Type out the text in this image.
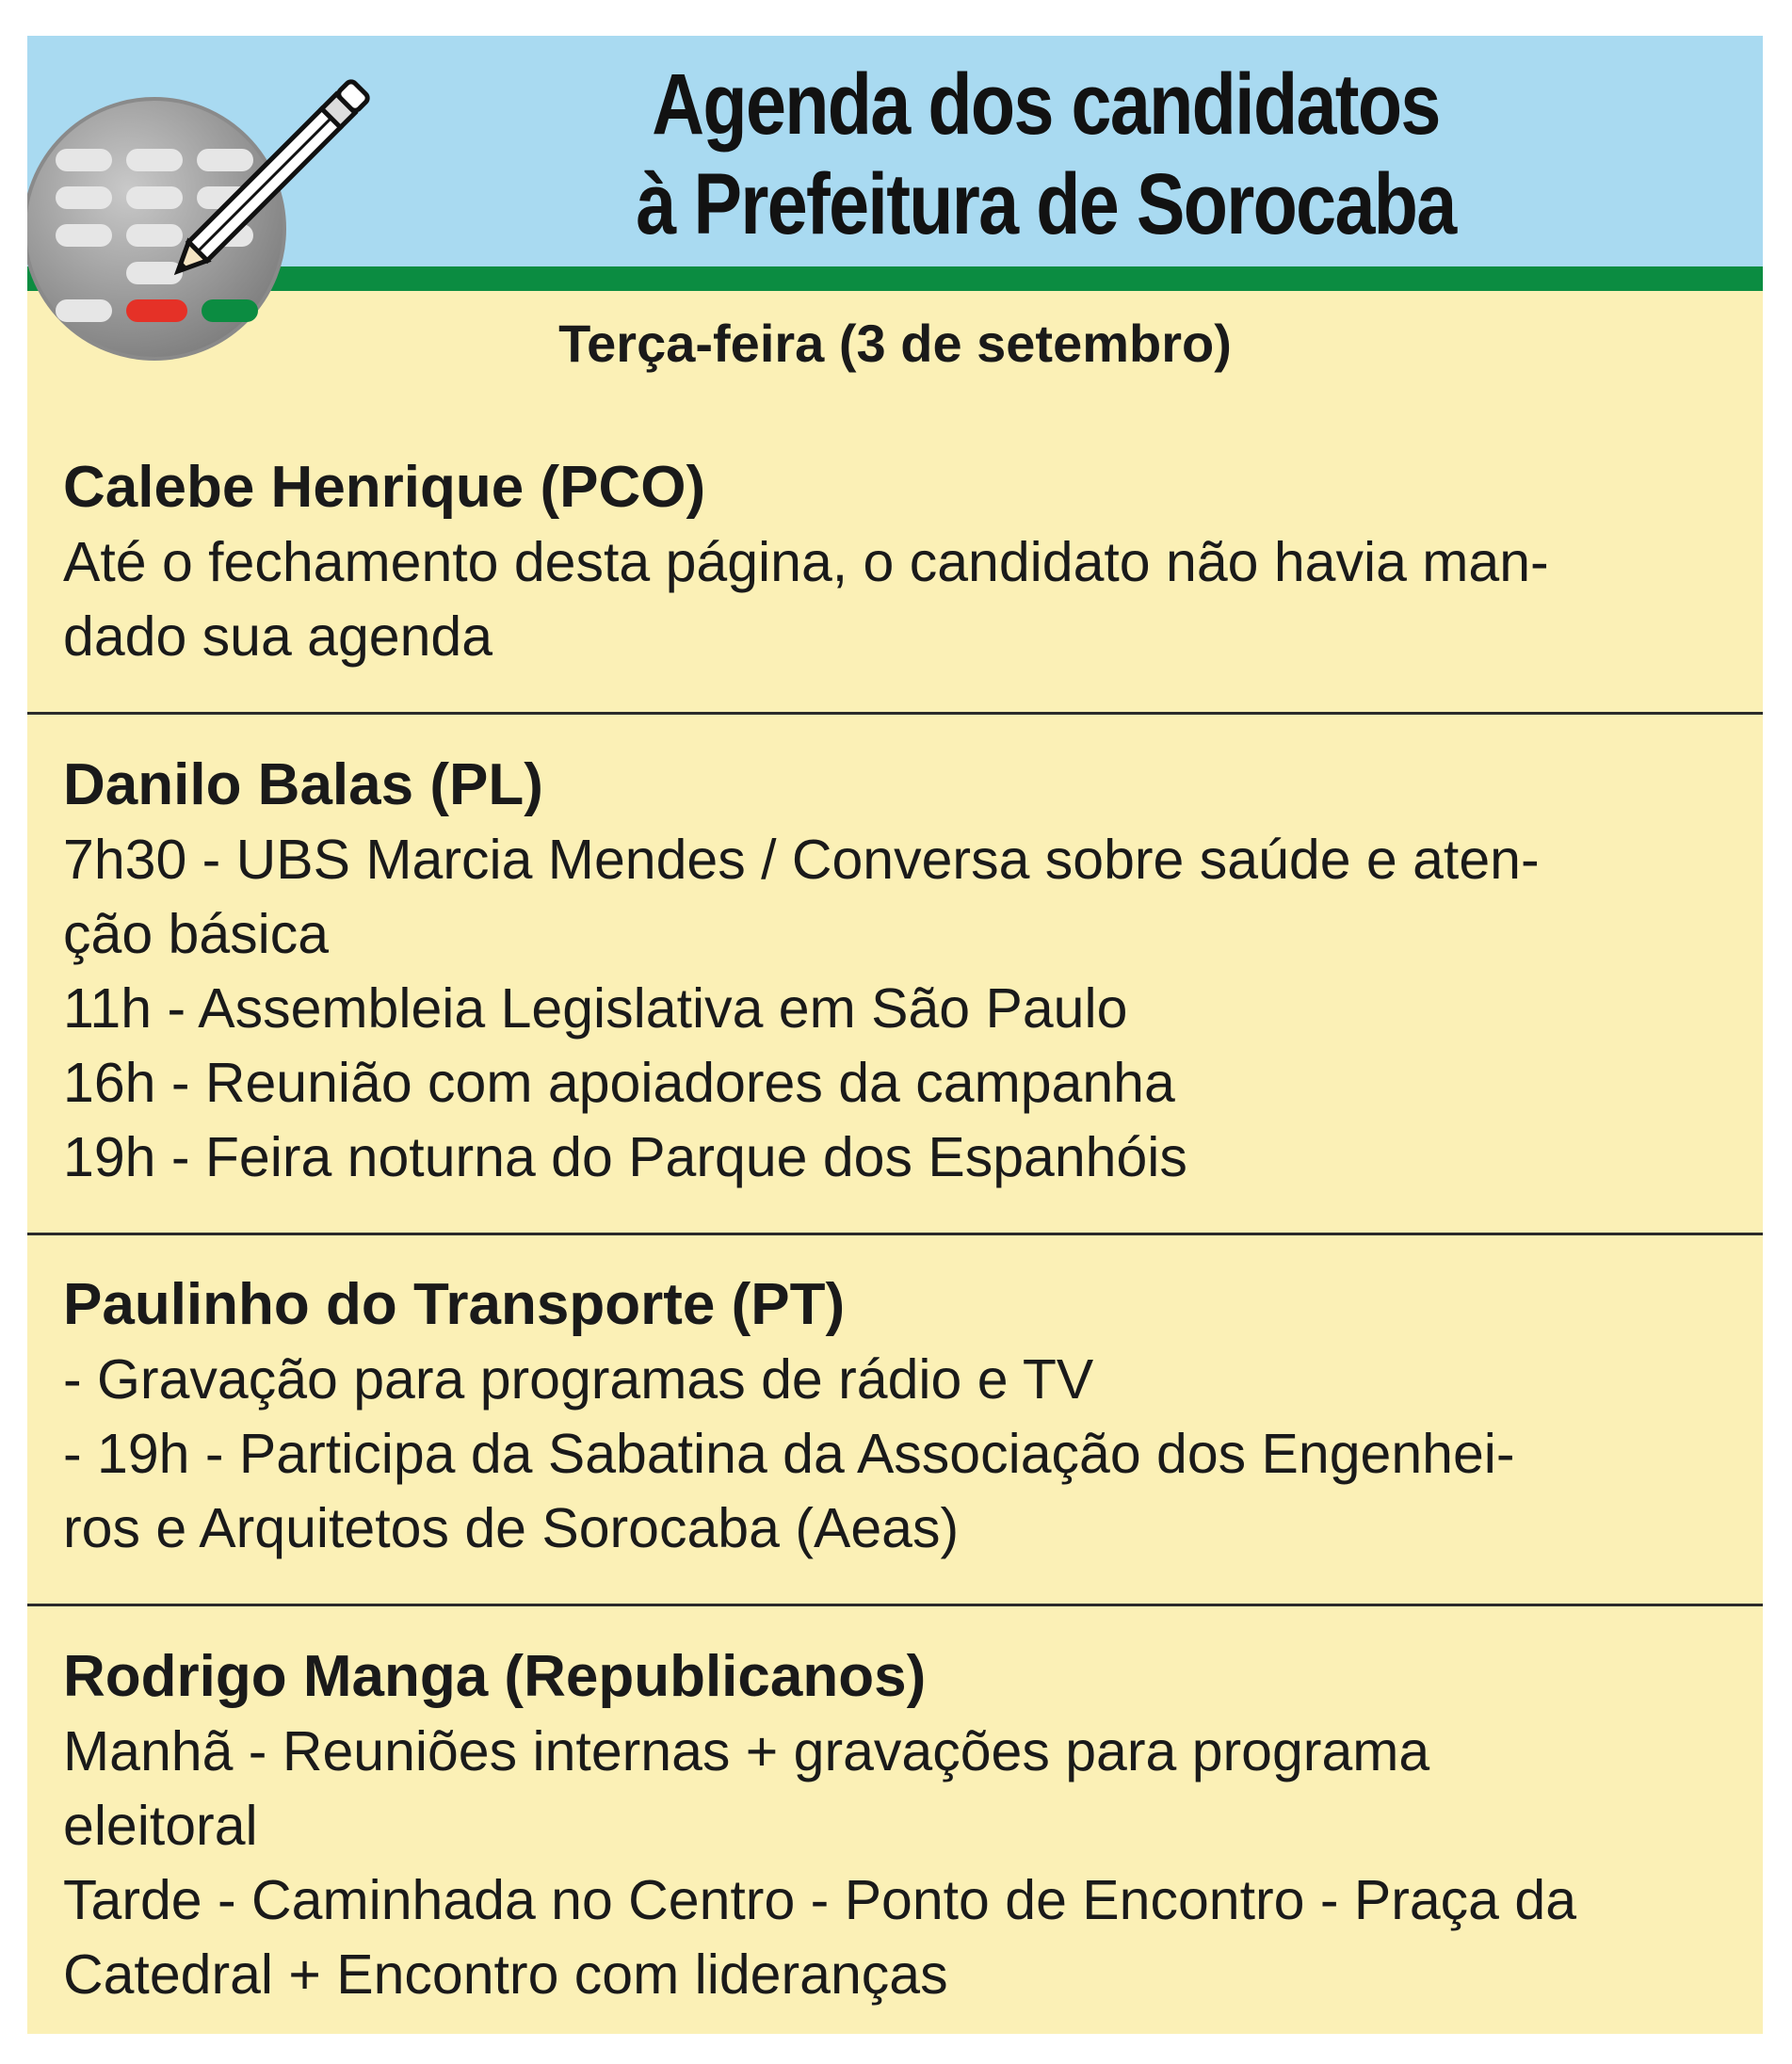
Agenda dos candidatos
à Prefeitura de Sorocaba
Terça-feira (3 de setembro)
Calebe Henrique (PCO)
Até o fechamento desta página, o candidato não havia man-
dado sua agenda
Danilo Balas (PL)
7h30 - UBS Marcia Mendes / Conversa sobre saúde e aten-
ção básica
11h - Assembleia Legislativa em São Paulo
16h - Reunião com apoiadores da campanha
19h - Feira noturna do Parque dos Espanhóis
Paulinho do Transporte (PT)
- Gravação para programas de rádio e TV
- 19h - Participa da Sabatina da Associação dos Engenhei-
ros e Arquitetos de Sorocaba (Aeas)
Rodrigo Manga (Republicanos)
Manhã - Reuniões internas + gravações para programa
eleitoral
Tarde - Caminhada no Centro - Ponto de Encontro - Praça da
Catedral + Encontro com lideranças
